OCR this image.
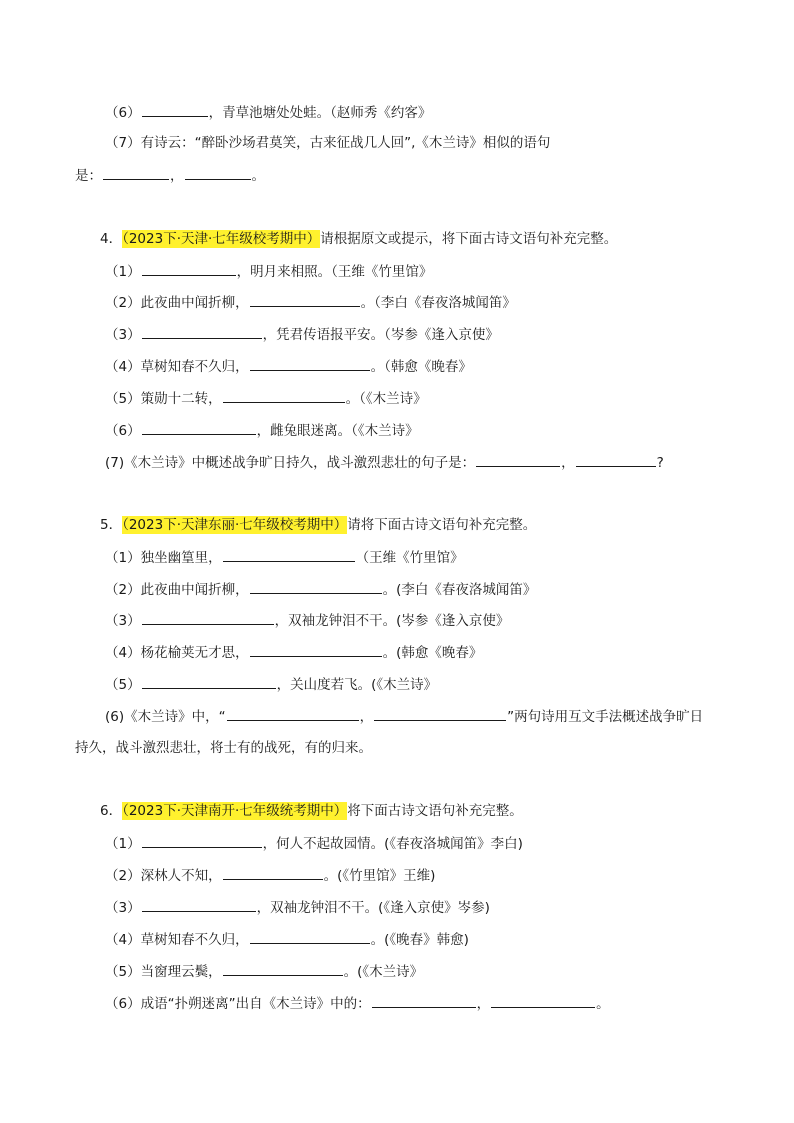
（6）	，青草池塘处处蛙。（赵师秀《约客》
（7）有诗云：“醉卧沙场君莫笑，古来征战几人回”,《木兰诗》相似的语句
是：	，	。
4．（2023下·天津·七年级校考期中）请根据原文或提示，将下面古诗文语句补充完整。
（1）	，明月来相照。（王维《竹里馆》
（2）此夜曲中闻折柳，	。（李白《春夜洛城闻笛》
（3）	，凭君传语报平安。（岑参《逢入京使》
（4）草树知春不久归，	。（韩愈《晚春》
（5）策勋十二转，	。（《木兰诗》
（6）	，雌兔眼迷离。（《木兰诗》
(7)《木兰诗》中概述战争旷日持久，战斗激烈悲壮的句子是：	，	?
5．（2023下·天津东丽·七年级校考期中）请将下面古诗文语句补充完整。
（1）独坐幽篁里，	（王维《竹里馆》
（2）此夜曲中闻折柳，	。(李白《春夜洛城闻笛》
（3）	，双袖龙钟泪不干。(岑参《逢入京使》
（4）杨花榆荚无才思，	。(韩愈《晚春》
（5）	，关山度若飞。(《木兰诗》
(6)《木兰诗》中，“	，	”两句诗用互文手法概述战争旷日
持久，战斗激烈悲壮，将士有的战死，有的归来。
6．（2023下·天津南开·七年级统考期中）将下面古诗文语句补充完整。
（1）	，何人不起故园情。(《春夜洛城闻笛》李白)
（2）深林人不知，	。(《竹里馆》王维)
（3）	，双袖龙钟泪不干。(《逢入京使》岑参)
（4）草树知春不久归，	。(《晚春》韩愈)
（5）当窗理云鬓，	。(《木兰诗》
（6）成语“扑朔迷离”出自《木兰诗》中的：	，	。
